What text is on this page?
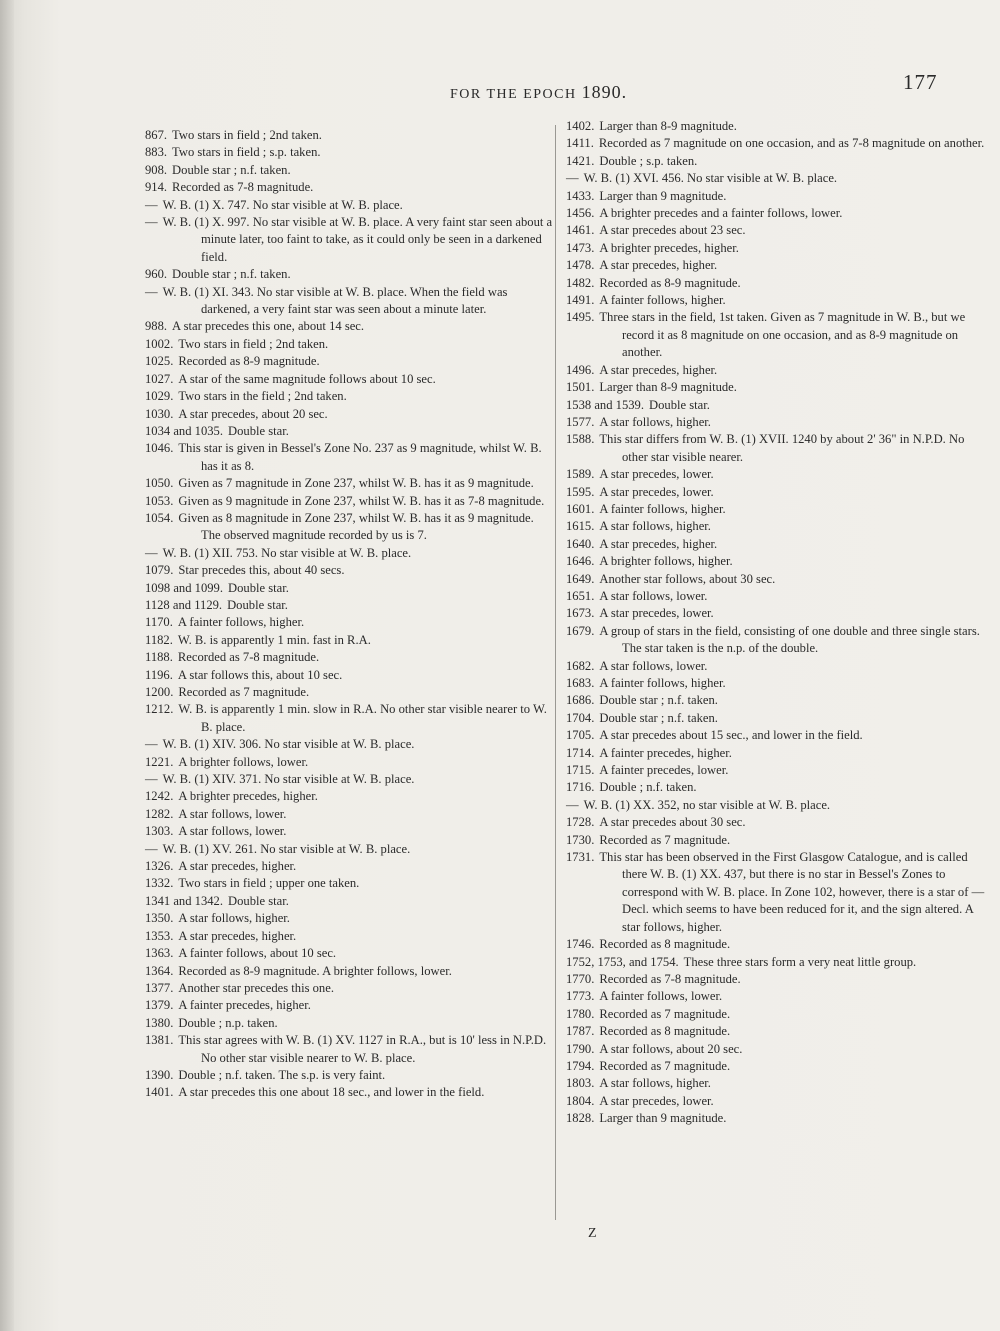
FOR THE EPOCH 1890.	177

867. Two stars in field ; 2nd taken.

883. Two stars in field ; s.p. taken.

908. Double star ; n.f. taken.

914. Recorded as 7-8 magnitude.

— W. B. (1) X. 747. No star visible at W. B. place.

— W. B. (1) X. 997. No star visible at W. B. place. A very faint star seen about a minute later, too faint to take, as it could only be seen in a darkened field.

960. Double star ; n.f. taken.

— W. B. (1) XI. 343. No star visible at W. B. place. When the field was darkened, a very faint star was seen about a minute later.

988. A star precedes this one, about 14 sec.

1002. Two stars in field ; 2nd taken.

1025. Recorded as 8-9 magnitude.

1027. A star of the same magnitude follows about 10 sec.

1029. Two stars in the field ; 2nd taken.

1030. A star precedes, about 20 sec.

1034 and 1035. Double star.

1046. This star is given in Bessel's Zone No. 237 as 9 magnitude, whilst W. B. has it as 8.

1050. Given as 7 magnitude in Zone 237, whilst W. B. has it as 9 magnitude.

1053. Given as 9 magnitude in Zone 237, whilst W. B. has it as 7-8 magnitude.

1054. Given as 8 magnitude in Zone 237, whilst W. B. has it as 9 magnitude. The observed magnitude recorded by us is 7.

— W. B. (1) XII. 753. No star visible at W. B. place.

1079. Star precedes this, about 40 secs.

1098 and 1099. Double star.

1128 and 1129. Double star.

1170. A fainter follows, higher.

1182. W. B. is apparently 1 min. fast in R.A.

1188. Recorded as 7-8 magnitude.

1196. A star follows this, about 10 sec.

1200. Recorded as 7 magnitude.

1212. W. B. is apparently 1 min. slow in R.A. No other star visible nearer to W. B. place.

— W. B. (1) XIV. 306. No star visible at W. B. place.

1221. A brighter follows, lower.

— W. B. (1) XIV. 371. No star visible at W. B. place.

1242. A brighter precedes, higher.

1282. A star follows, lower.

1303. A star follows, lower.

— W. B. (1) XV. 261. No star visible at W. B. place.

1326. A star precedes, higher.

1332. Two stars in field ; upper one taken.

1341 and 1342. Double star.

1350. A star follows, higher.

1353. A star precedes, higher.

1363. A fainter follows, about 10 sec.

1364. Recorded as 8-9 magnitude. A brighter follows, lower.

1377. Another star precedes this one.

1379. A fainter precedes, higher.

1380. Double ; n.p. taken.

1381. This star agrees with W. B. (1) XV. 1127 in R.A., but is 10' less in N.P.D. No other star visible nearer to W. B. place.

1390. Double ; n.f. taken. The s.p. is very faint.

1401. A star precedes this one about 18 sec., and lower in the field.

1402. Larger than 8-9 magnitude.

1411. Recorded as 7 magnitude on one occasion, and as 7-8 magnitude on another.

1421. Double ; s.p. taken.

— W. B. (1) XVI. 456. No star visible at W. B. place.

1433. Larger than 9 magnitude.

1456. A brighter precedes and a fainter follows, lower.

1461. A star precedes about 23 sec.

1473. A brighter precedes, higher.

1478. A star precedes, higher.

1482. Recorded as 8-9 magnitude.

1491. A fainter follows, higher.

1495. Three stars in the field, 1st taken. Given as 7 magnitude in W. B., but we record it as 8 magnitude on one occasion, and as 8-9 magnitude on another.

1496. A star precedes, higher.

1501. Larger than 8-9 magnitude.

1538 and 1539. Double star.

1577. A star follows, higher.

1588. This star differs from W. B. (1) XVII. 1240 by about 2' 36" in N.P.D. No other star visible nearer.

1589. A star precedes, lower.

1595. A star precedes, lower.

1601. A fainter follows, higher.

1615. A star follows, higher.

1640. A star precedes, higher.

1646. A brighter follows, higher.

1649. Another star follows, about 30 sec.

1651. A star follows, lower.

1673. A star precedes, lower.

1679. A group of stars in the field, consisting of one double and three single stars. The star taken is the n.p. of the double.

1682. A star follows, lower.

1683. A fainter follows, higher.

1686. Double star ; n.f. taken.

1704. Double star ; n.f. taken.

1705. A star precedes about 15 sec., and lower in the field.

1714. A fainter precedes, higher.

1715. A fainter precedes, lower.

1716. Double ; n.f. taken.

— W. B. (1) XX. 352, no star visible at W. B. place.

1728. A star precedes about 30 sec.

1730. Recorded as 7 magnitude.

1731. This star has been observed in the First Glasgow Catalogue, and is called there W. B. (1) XX. 437, but there is no star in Bessel's Zones to correspond with W. B. place. In Zone 102, however, there is a star of — Decl. which seems to have been reduced for it, and the sign altered. A star follows, higher.

1746. Recorded as 8 magnitude.

1752, 1753, and 1754. These three stars form a very neat little group.

1770. Recorded as 7-8 magnitude.

1773. A fainter follows, lower.

1780. Recorded as 7 magnitude.

1787. Recorded as 8 magnitude.

1790. A star follows, about 20 sec.

1794. Recorded as 7 magnitude.

1803. A star follows, higher.

1804. A star precedes, lower.

1828. Larger than 9 magnitude.

Z
